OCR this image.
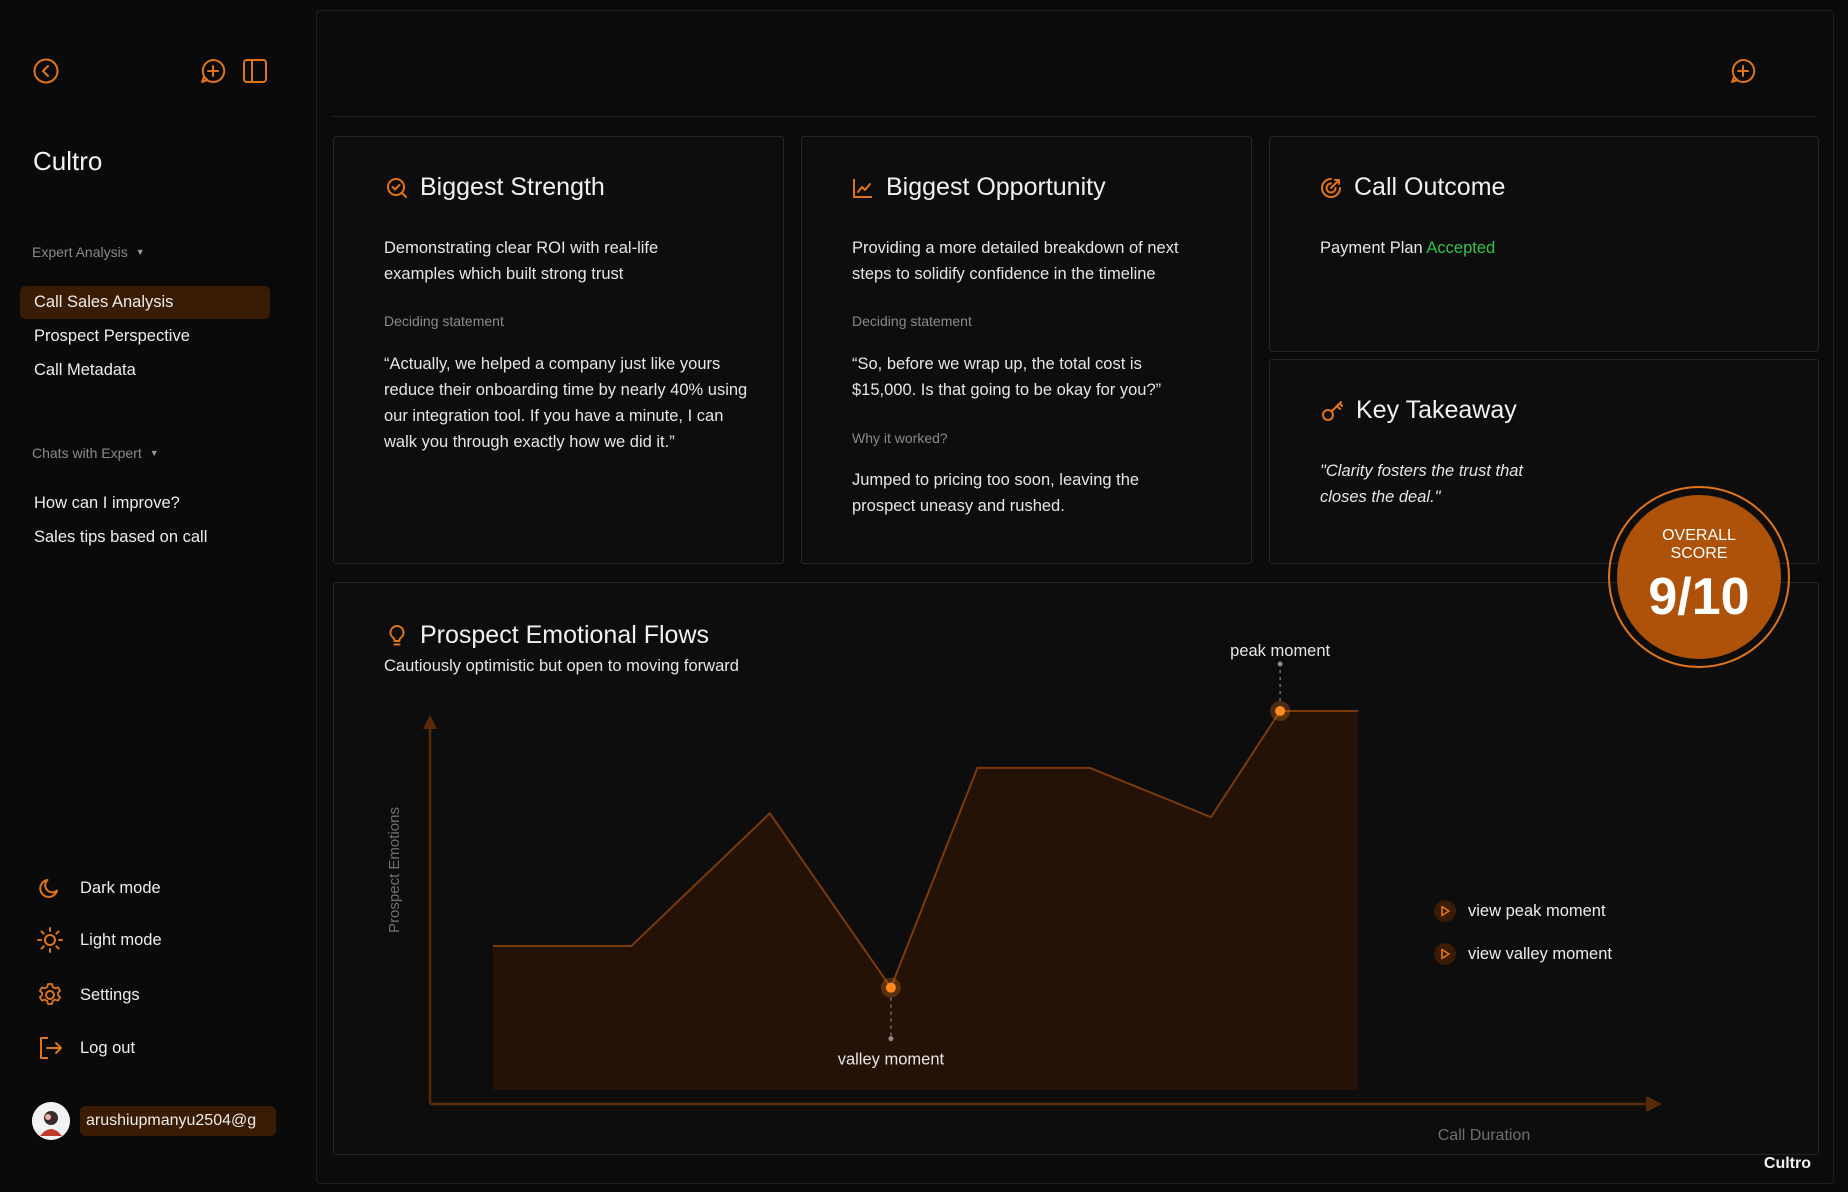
Cultro
Expert Analysis ▼
Call Sales Analysis
Prospect Perspective
Call Metadata
Chats with Expert ▼
How can I improve?
Sales tips based on call
Dark mode
Light mode
Settings
Log out
arushiupmanyu2504@g
Biggest Strength
Demonstrating clear ROI with real-life examples which built strong trust
Deciding statement
“Actually, we helped a company just like yours reduce their onboarding time by nearly 40% using our integration tool. If you have a minute, I can walk you through exactly how we did it.”
Biggest Opportunity
Providing a more detailed breakdown of next steps to solidify confidence in the timeline
Deciding statement
“So, before we wrap up, the total cost is $15,000. Is that going to be okay for you?”
Why it worked?
Jumped to pricing too soon, leaving the prospect uneasy and rushed.
Call Outcome
Payment Plan Accepted
Key Takeaway
"Clarity fosters the trust that closes the deal."
Prospect Emotional Flows
Cautiously optimistic but open to moving forward
Prospect Emotions
Call Duration
peak moment
valley moment
view peak moment
view valley moment
Cultro
OVERALL SCORE
9/10
